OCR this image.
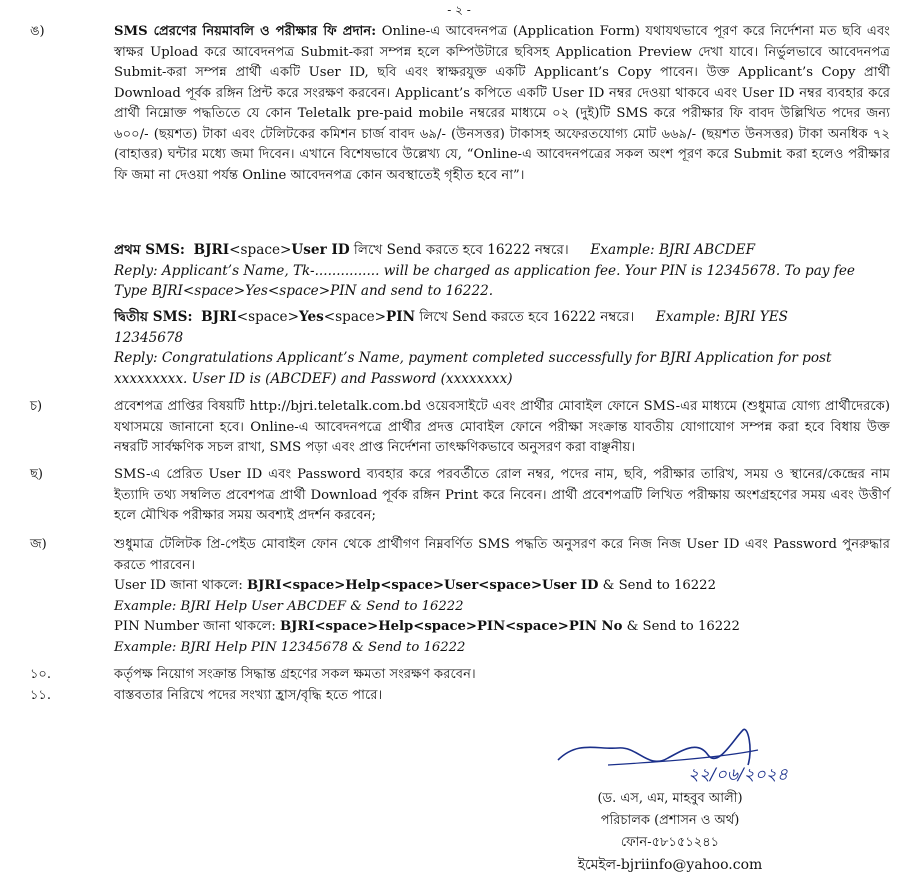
- ২ -
ঙ)	SMS প্রেরণের নিয়মাবলি ও পরীক্ষার ফি প্রদান: Online-এ আবেদনপত্র (Application Form) যথাযথভাবে পূরণ করে নির্দেশনা মত ছবি এবং স্বাক্ষর Upload করে আবেদনপত্র Submit-করা সম্পন্ন হলে কম্পিউটারে ছবিসহ Application Preview দেখা যাবে। নির্ভুলভাবে আবেদনপত্র Submit-করা সম্পন্ন প্রার্থী একটি User ID, ছবি এবং স্বাক্ষরযুক্ত একটি Applicant’s Copy পাবেন। উক্ত Applicant’s Copy প্রার্থী Download পূর্বক রঙ্গিন প্রিন্ট করে সংরক্ষণ করবেন। Applicant’s কপিতে একটি User ID নম্বর দেওয়া থাকবে এবং User ID নম্বর ব্যবহার করে প্রার্থী নিম্নোক্ত পদ্ধতিতে যে কোন Teletalk pre-paid mobile নম্বরের মাধ্যমে ০২ (দুই)টি SMS করে পরীক্ষার ফি বাবদ উল্লিখিত পদের জন্য ৬০০/- (ছয়শত) টাকা এবং টেলিটকের কমিশন চার্জ বাবদ ৬৯/- (উনসত্তর) টাকাসহ অফেরতযোগ্য মোট ৬৬৯/- (ছয়শত উনসত্তর) টাকা অনধিক ৭২ (বাহাত্তর) ঘন্টার মধ্যে জমা দিবেন। এখানে বিশেষভাবে উল্লেখ্য যে, “Online-এ আবেদনপত্রের সকল অংশ পূরণ করে Submit করা হলেও পরীক্ষার ফি জমা না দেওয়া পর্যন্ত Online আবেদনপত্র কোন অবস্থাতেই গৃহীত হবে না”।
প্রথম SMS: BJRI<space>User ID লিখে Send করতে হবে 16222 নম্বরে। Example: BJRI ABCDEF
Reply: Applicant’s Name, Tk-............... will be charged as application fee. Your PIN is 12345678. To pay fee Type BJRI<space>Yes<space>PIN and send to 16222.
দ্বিতীয় SMS: BJRI<space>Yes<space>PIN লিখে Send করতে হবে 16222 নম্বরে। Example: BJRI YES 12345678
Reply: Congratulations Applicant’s Name, payment completed successfully for BJRI Application for post xxxxxxxxx. User ID is (ABCDEF) and Password (xxxxxxxx)
চ)	প্রবেশপত্র প্রাপ্তির বিষয়টি http://bjri.teletalk.com.bd ওয়েবসাইটে এবং প্রার্থীর মোবাইল ফোনে SMS-এর মাধ্যমে (শুধুমাত্র যোগ্য প্রার্থীদেরকে) যথাসময়ে জানানো হবে। Online-এ আবেদনপত্রে প্রার্থীর প্রদত্ত মোবাইল ফোনে পরীক্ষা সংক্রান্ত যাবতীয় যোগাযোগ সম্পন্ন করা হবে বিধায় উক্ত নম্বরটি সার্বক্ষণিক সচল রাখা, SMS পড়া এবং প্রাপ্ত নির্দেশনা তাৎক্ষণিকভাবে অনুসরণ করা বাঞ্ছনীয়।
ছ)	SMS-এ প্রেরিত User ID এবং Password ব্যবহার করে পরবর্তীতে রোল নম্বর, পদের নাম, ছবি, পরীক্ষার তারিখ, সময় ও স্থানের/কেন্দ্রের নাম ইত্যাদি তথ্য সম্বলিত প্রবেশপত্র প্রার্থী Download পূর্বক রঙ্গিন Print করে নিবেন। প্রার্থী প্রবেশপত্রটি লিখিত পরীক্ষায় অংশগ্রহণের সময় এবং উত্তীর্ণ হলে মৌখিক পরীক্ষার সময় অবশ্যই প্রদর্শন করবেন;
জ)	শুধুমাত্র টেলিটক প্রি-পেইড মোবাইল ফোন থেকে প্রার্থীগণ নিম্নবর্ণিত SMS পদ্ধতি অনুসরণ করে নিজ নিজ User ID এবং Password পুনরুদ্ধার করতে পারবেন।
User ID জানা থাকলে: BJRI<space>Help<space>User<space>User ID & Send to 16222
Example: BJRI Help User ABCDEF & Send to 16222
PIN Number জানা থাকলে: BJRI<space>Help<space>PIN<space>PIN No & Send to 16222
Example: BJRI Help PIN 12345678 & Send to 16222
১০.	কর্তৃপক্ষ নিয়োগ সংক্রান্ত সিদ্ধান্ত গ্রহণের সকল ক্ষমতা সংরক্ষণ করবেন।
১১.	বাস্তবতার নিরিখে পদের সংখ্যা হ্রাস/বৃদ্ধি হতে পারে।
২২/০৬/২০২৪
(ড. এস, এম, মাহবুব আলী)
পরিচালক (প্রশাসন ও অর্থ)
ফোন-৫৮১৫১২৪১
ইমেইল-bjriinfo@yahoo.com
